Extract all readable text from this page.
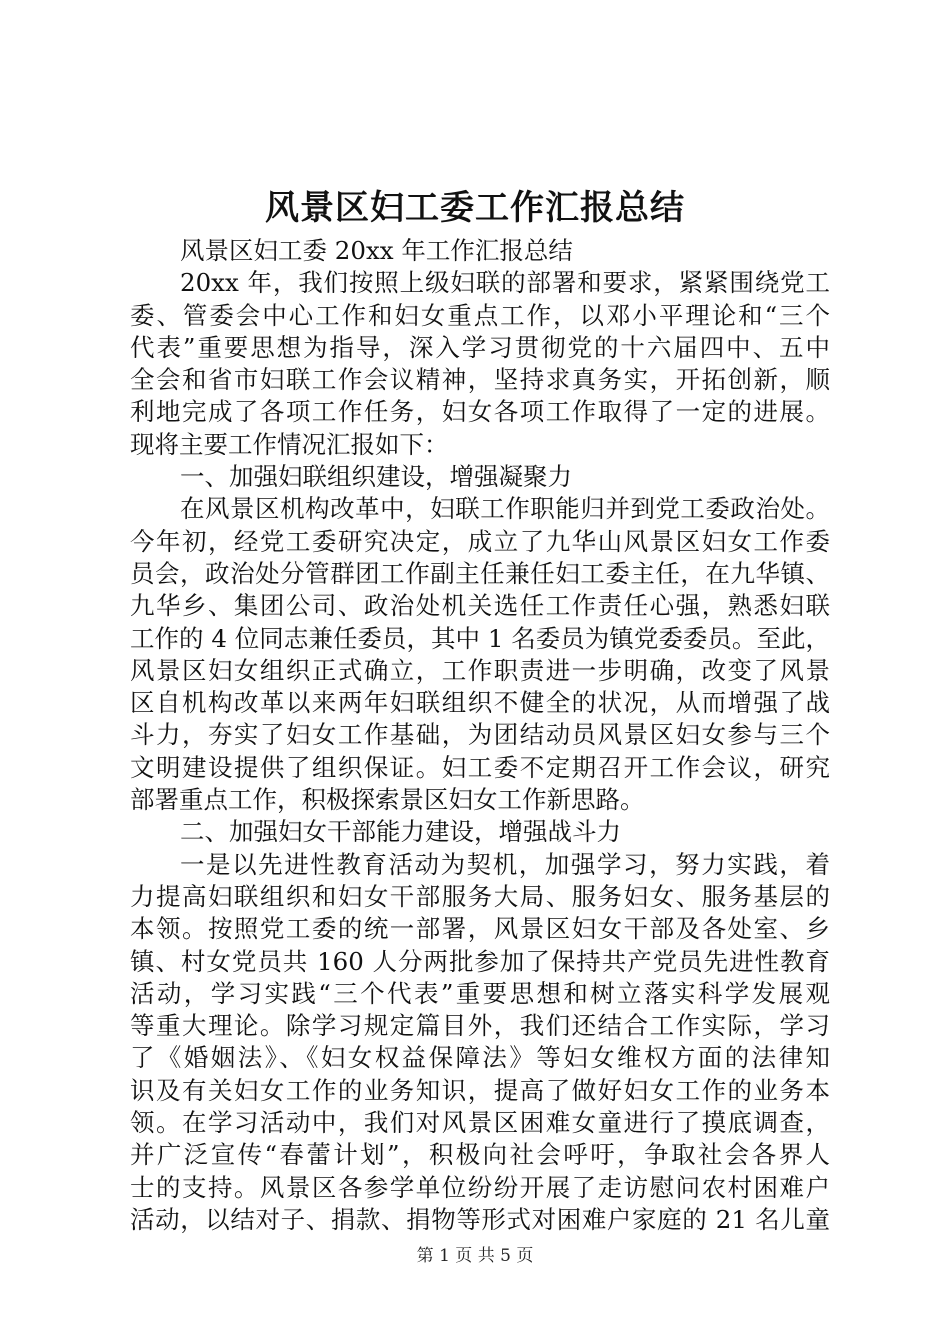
风景区妇工委工作汇报总结
风景区妇工委 20xx 年工作汇报总结
20xx 年，我们按照上级妇联的部署和要求，紧紧围绕党工
委、管委会中心工作和妇女重点工作，以邓小平理论和“三个
代表”重要思想为指导，深入学习贯彻党的十六届四中、五中
全会和省市妇联工作会议精神，坚持求真务实，开拓创新，顺
利地完成了各项工作任务，妇女各项工作取得了一定的进展。
现将主要工作情况汇报如下：
一、加强妇联组织建设，增强凝聚力
在风景区机构改革中，妇联工作职能归并到党工委政治处。
今年初，经党工委研究决定，成立了九华山风景区妇女工作委
员会，政治处分管群团工作副主任兼任妇工委主任，在九华镇、
九华乡、集团公司、政治处机关选任工作责任心强，熟悉妇联
工作的 4 位同志兼任委员，其中 1 名委员为镇党委委员。至此，
风景区妇女组织正式确立，工作职责进一步明确，改变了风景
区自机构改革以来两年妇联组织不健全的状况，从而增强了战
斗力，夯实了妇女工作基础，为团结动员风景区妇女参与三个
文明建设提供了组织保证。妇工委不定期召开工作会议，研究
部署重点工作，积极探索景区妇女工作新思路。
二、加强妇女干部能力建设，增强战斗力
一是以先进性教育活动为契机，加强学习，努力实践，着
力提高妇联组织和妇女干部服务大局、服务妇女、服务基层的
本领。按照党工委的统一部署，风景区妇女干部及各处室、乡
镇、村女党员共 160 人分两批参加了保持共产党员先进性教育
活动，学习实践“三个代表”重要思想和树立落实科学发展观
等重大理论。除学习规定篇目外，我们还结合工作实际，学习
了《婚姻法》、《妇女权益保障法》等妇女维权方面的法律知
识及有关妇女工作的业务知识，提高了做好妇女工作的业务本
领。在学习活动中，我们对风景区困难女童进行了摸底调查，
并广泛宣传“春蕾计划”，积极向社会呼吁，争取社会各界人
士的支持。风景区各参学单位纷纷开展了走访慰问农村困难户
活动，以结对子、捐款、捐物等形式对困难户家庭的 21 名儿童
第 1 页 共 5 页
